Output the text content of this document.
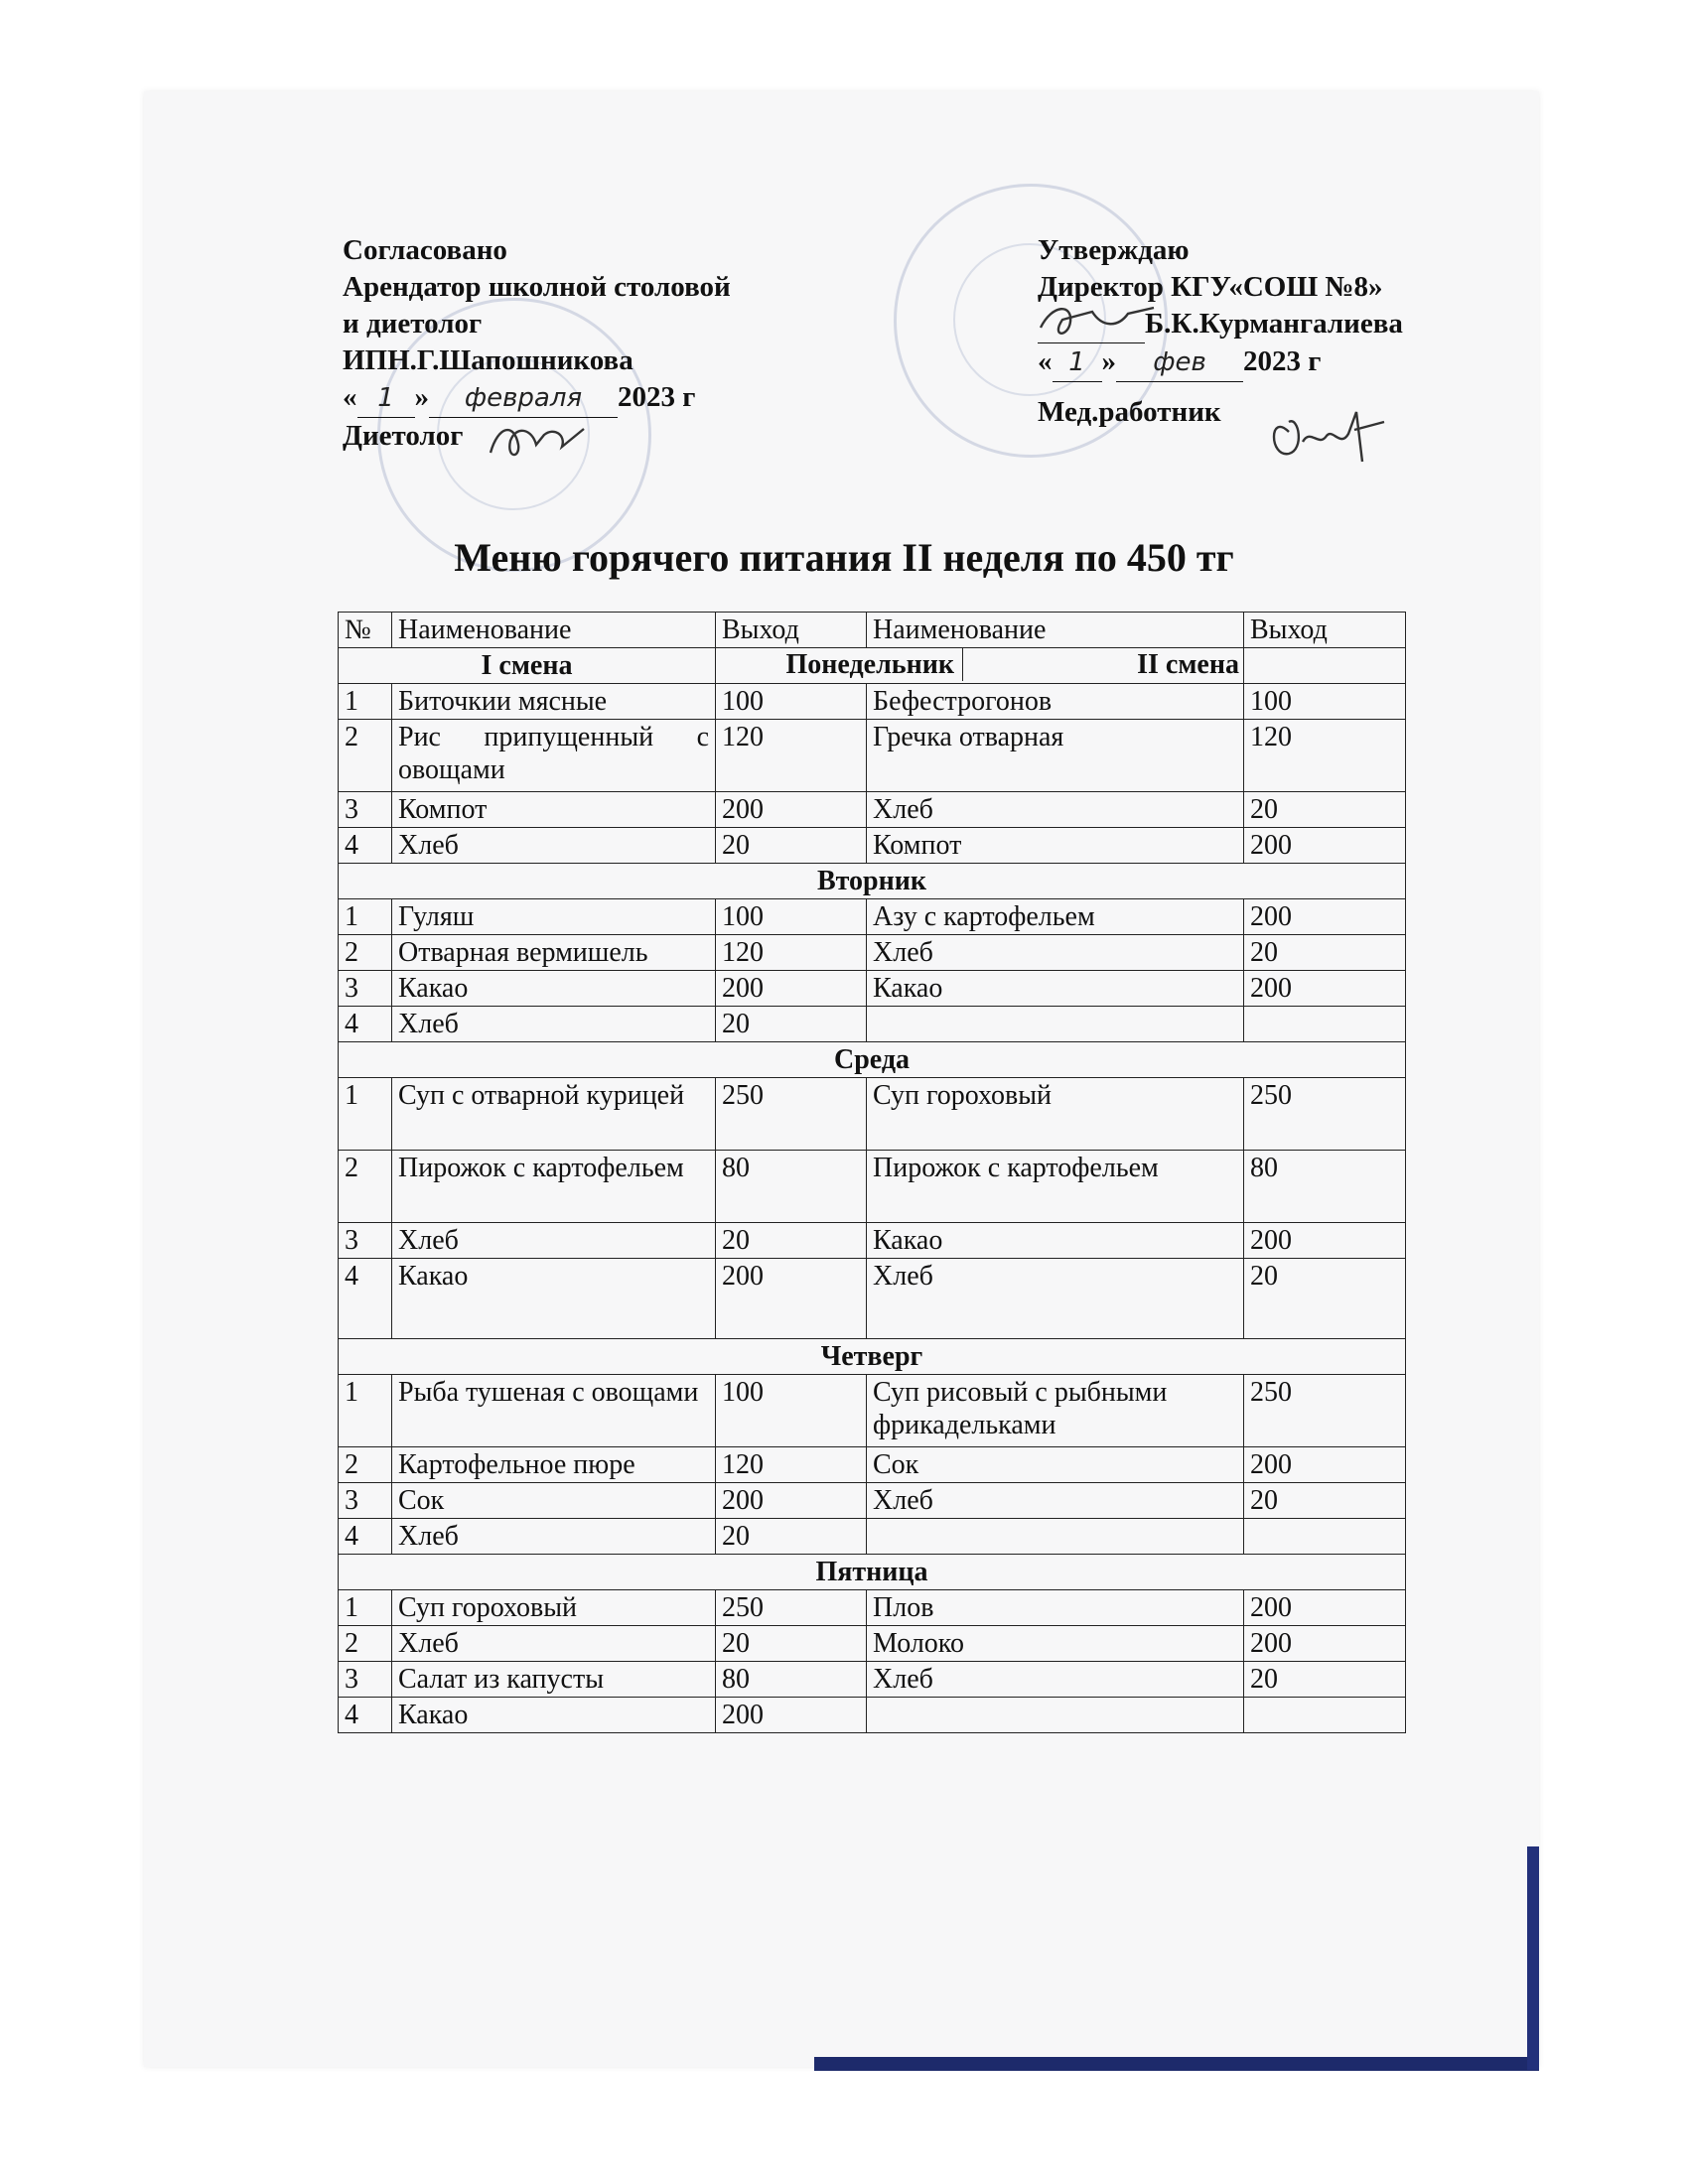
Согласовано
Арендатор школной столовой
и диетолог
ИПН.Г.Шапошникова
« 1 » февраля 2023 г
Диетолог
Утверждаю
Директор КГУ«СОШ №8»
Б.К.Курмангалиева
« 1 » фев 2023 г
Мед.работник
Меню горячего питания II неделя по 450 тг
№	Наименование	Выход	Наименование	Выход
I смена		Понедельник II смена		

1	Биточкии мясные	100	Бефестрогонов	100
2	Рис припущенный с овощами	120	Гречка отварная	120
3	Компот	200	Хлеб	20
4	Хлеб	20	Компот	200
Вторник				
1	Гуляш	100	Азу с картофельем	200
2	Отварная вермишель	120	Хлеб	20
3	Какао	200	Какао	200
4	Хлеб	20		
Среда				
1	Суп с отварной курицей	250	Суп гороховый	250
2	Пирожок с картофельем	80	Пирожок с картофельем	80
3	Хлеб	20	Какао	200
4	Какао	200	Хлеб	20
Четверг				
1	Рыба тушеная с овощами	100	Суп рисовый с рыбными фрикадельками	250
2	Картофельное пюре	120	Сок	200
3	Сок	200	Хлеб	20
4	Хлеб	20		
Пятница				
1	Суп гороховый	250	Плов	200
2	Хлеб	20	Молоко	200
3	Салат из капусты	80	Хлеб	20
4	Какао	200		
